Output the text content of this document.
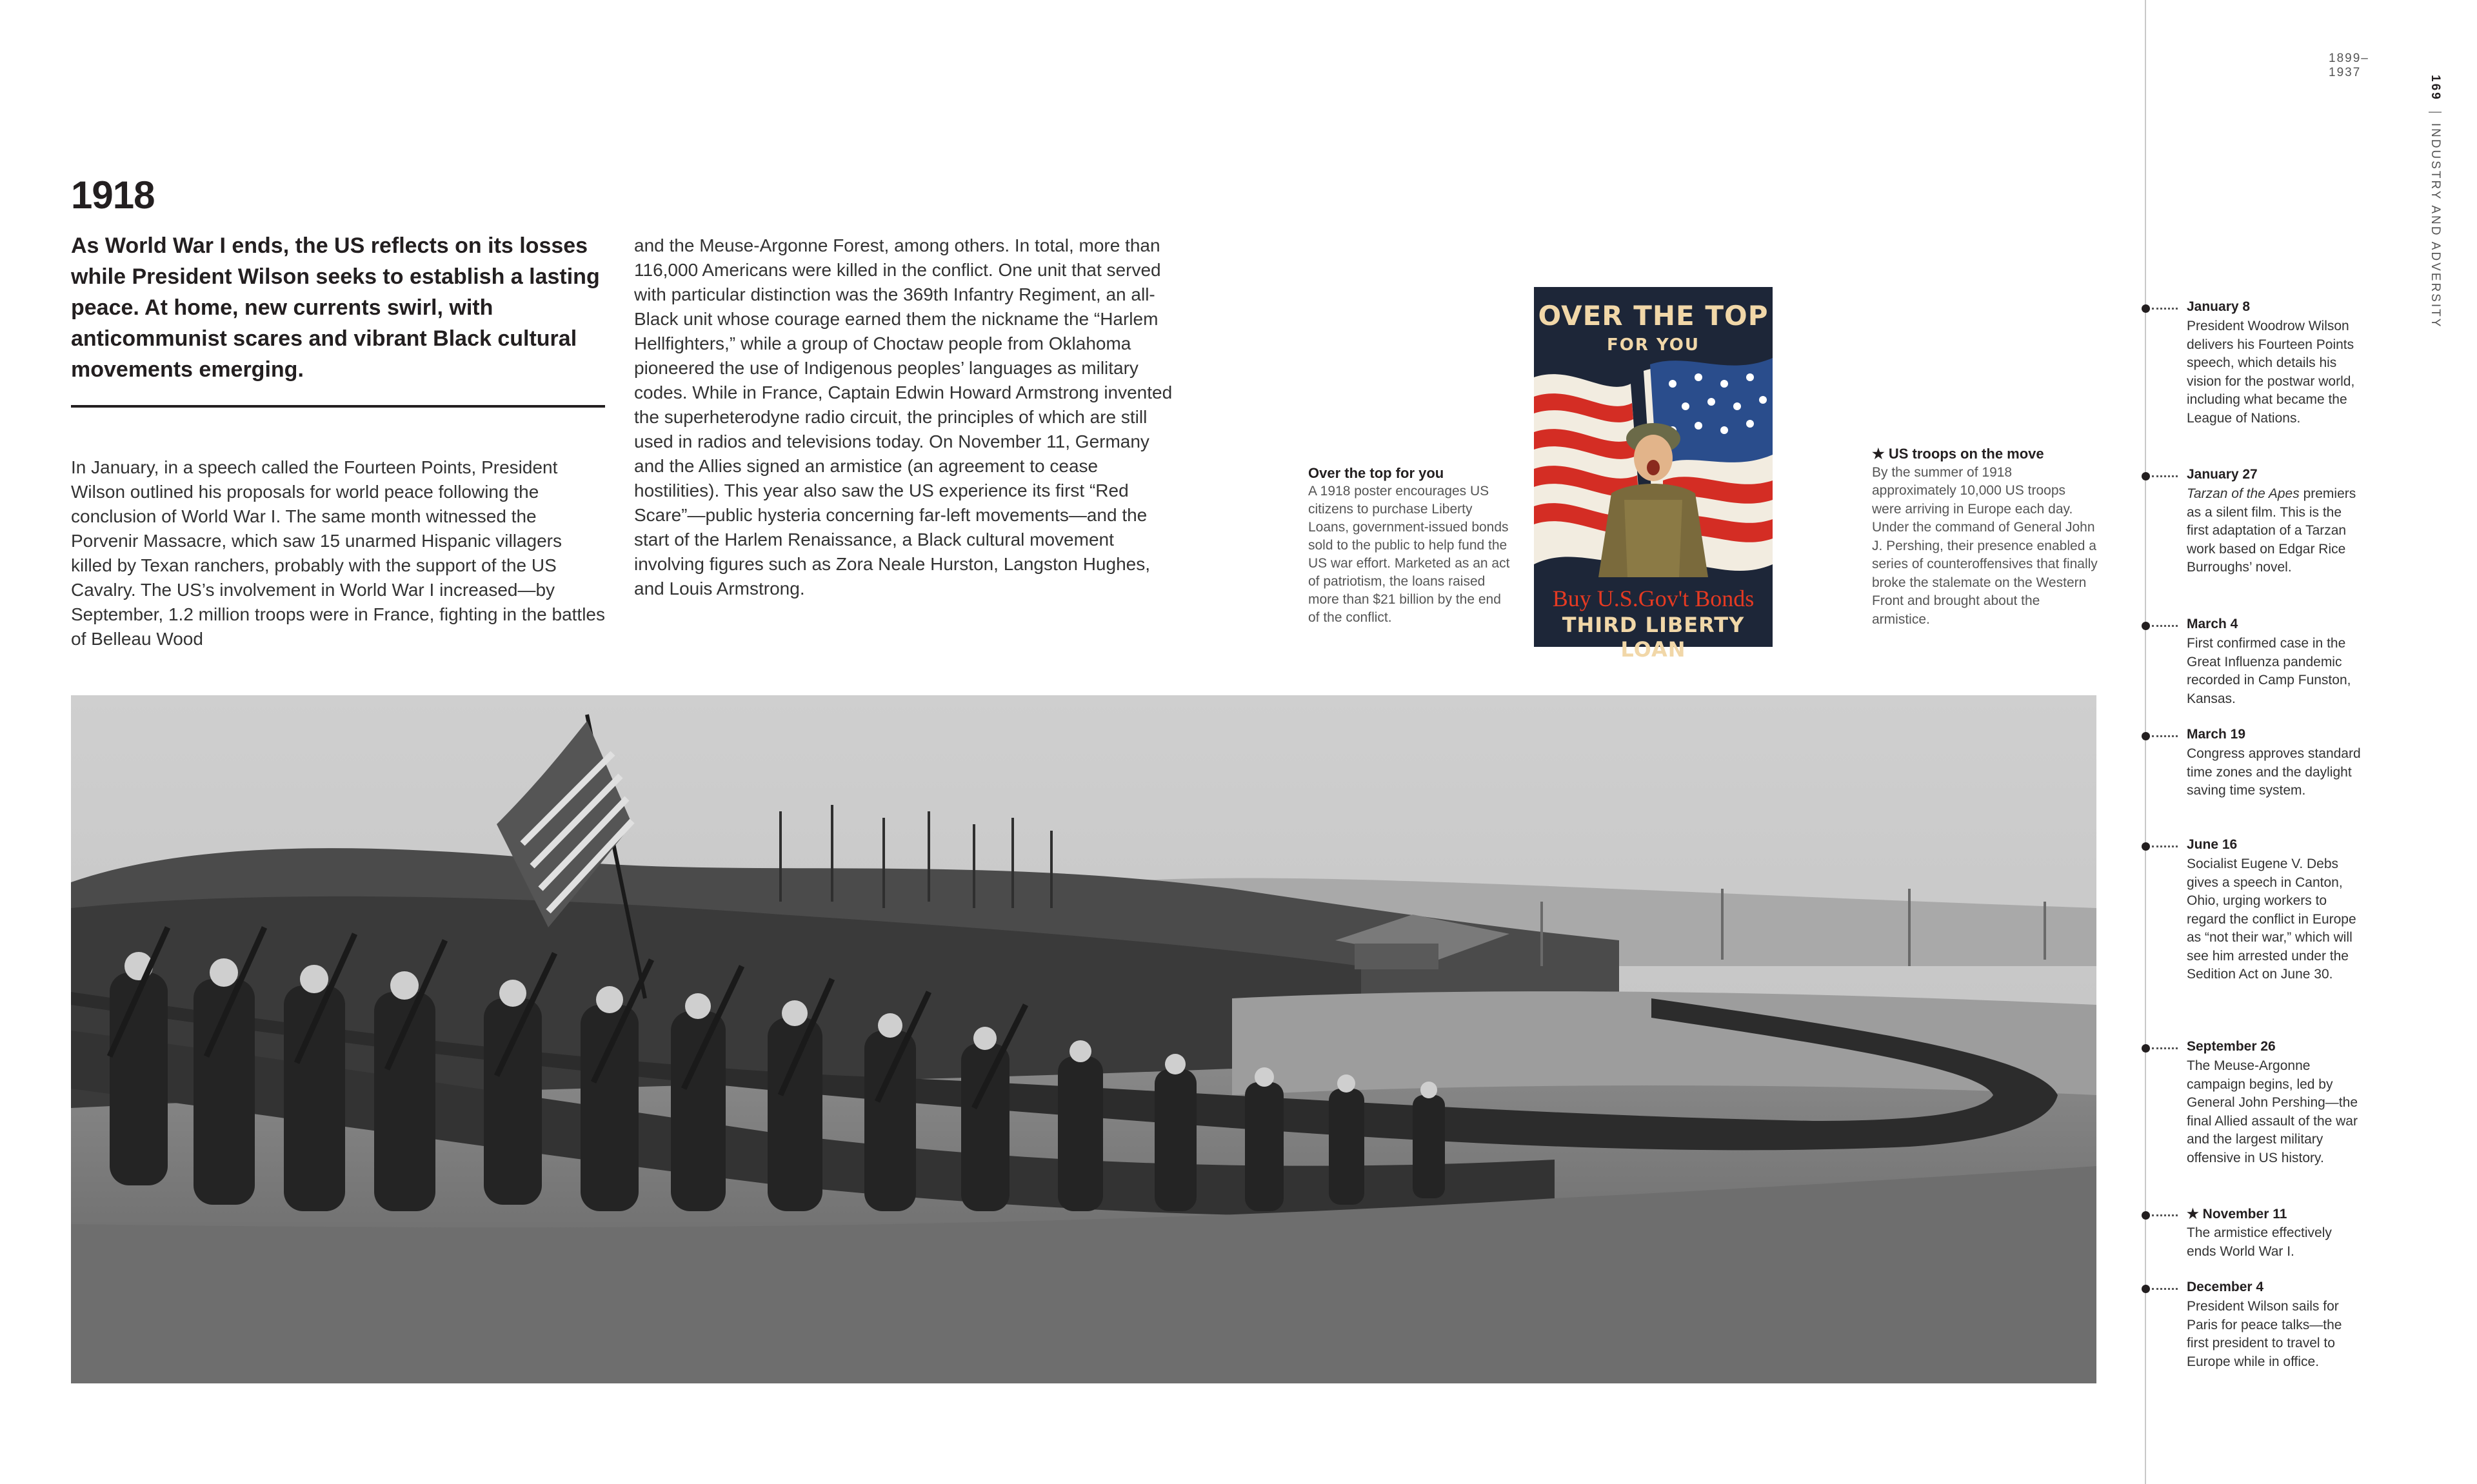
1899–1937
169INDUSTRY AND ADVERSITY
1918
As World War I ends, the US reflects on its losses while President Wilson seeks to establish a lasting peace. At home, new currents swirl, with anticommunist scares and vibrant Black cultural movements emerging.
In January, in a speech called the Fourteen Points, President Wilson outlined his proposals for world peace following the conclusion of World War I. The same month witnessed the Porvenir Massacre, which saw 15 unarmed Hispanic villagers killed by Texan ranchers, probably with the support of the US Cavalry. The US’s involvement in World War I increased—by September, 1.2 million troops were in France, fighting in the battles of Belleau Wood
and the Meuse-Argonne Forest, among others. In total, more than 116,000 Americans were killed in the conflict. One unit that served with particular distinction was the 369th Infantry Regiment, an all-Black unit whose courage earned them the nickname the “Harlem Hellfighters,” while a group of Choctaw people from Oklahoma pioneered the use of Indigenous peoples’ languages as military codes. While in France, Captain Edwin Howard Armstrong invented the superheterodyne radio circuit, the principles of which are still used in radios and televisions today. On November 11, Germany and the Allies signed an armistice (an agreement to cease hostilities). This year also saw the US experience its first “Red Scare”—public hysteria concerning far-left movements—and the start of the Harlem Renaissance, a Black cultural movement involving figures such as Zora Neale Hurston, Langston Hughes, and Louis Armstrong.
Over the top for you
A 1918 poster encourages US citizens to purchase Liberty Loans, government-issued bonds sold to the public to help fund the US war effort. Marketed as an act of patriotism, the loans raised more than $21 billion by the end of the conflict.
OVER THE TOP
FOR YOU
Buy U.S.Gov't Bonds
THIRD LIBERTY LOAN
★ US troops on the move
By the summer of 1918 approximately 10,000 US troops were arriving in Europe each day. Under the command of General John J. Pershing, their presence enabled a series of counteroffensives that finally broke the stalemate on the Western Front and brought about the armistice.
January 8
President Woodrow Wilson delivers his Fourteen Points speech, which details his vision for the postwar world, including what became the League of Nations.
January 27
Tarzan of the Apes premiers as a silent film. This is the first adaptation of a Tarzan work based on Edgar Rice Burroughs’ novel.
March 4
First confirmed case in the Great Influenza pandemic recorded in Camp Funston, Kansas.
March 19
Congress approves standard time zones and the daylight saving time system.
June 16
Socialist Eugene V. Debs gives a speech in Canton, Ohio, urging workers to regard the conflict in Europe as “not their war,” which will see him arrested under the Sedition Act on June 30.
September 26
The Meuse-Argonne campaign begins, led by General John Pershing—the final Allied assault of the war and the largest military offensive in US history.
★ November 11
The armistice effectively ends World War I.
December 4
President Wilson sails for Paris for peace talks—the first president to travel to Europe while in office.
